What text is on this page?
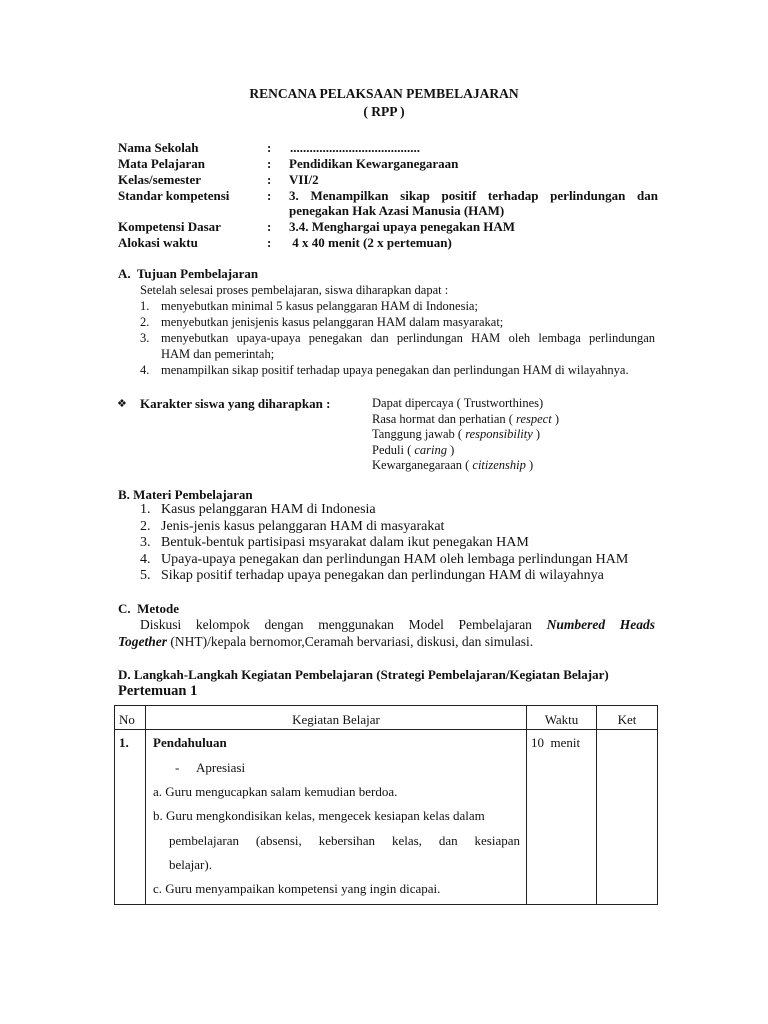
RENCANA PELAKSAAN PEMBELAJARAN
( RPP )
Nama Sekolah	: ........................................
Mata Pelajaran	: Pendidikan Kewarganegaraan
Kelas/semester	: VII/2
Standar kompetensi	: 3. Menampilkan sikap positif terhadap perlindungan dan
penegakan Hak Azasi Manusia (HAM)
Kompetensi Dasar	: 3.4. Menghargai upaya penegakan HAM
Alokasi waktu	: 4 x 40 menit (2 x pertemuan)
A.  Tujuan Pembelajaran
Setelah selesai proses pembelajaran, siswa diharapkan dapat :
1. menyebutkan minimal 5 kasus pelanggaran HAM di Indonesia;
2. menyebutkan jenisjenis kasus pelanggaran HAM dalam masyarakat;
3. menyebutkan upaya-upaya penegakan dan perlindungan HAM oleh lembaga perlindungan
HAM dan pemerintah;
4. menampilkan sikap positif terhadap upaya penegakan dan perlindungan HAM di wilayahnya.
❖ Karakter siswa yang diharapkan :	Dapat dipercaya ( Trustworthines)
Rasa hormat dan perhatian ( respect )
Tanggung jawab ( responsibility )
Peduli ( caring )
Kewarganegaraan ( citizenship )
B. Materi Pembelajaran
1. Kasus pelanggaran HAM di Indonesia
2. Jenis-jenis kasus pelanggaran HAM di masyarakat
3. Bentuk-bentuk partisipasi msyarakat dalam ikut penegakan HAM
4. Upaya-upaya penegakan dan perlindungan HAM oleh lembaga perlindungan HAM
5. Sikap positif terhadap upaya penegakan dan perlindungan HAM di wilayahnya
C.  Metode
Diskusi kelompok dengan menggunakan Model Pembelajaran Numbered Heads
Together (NHT)/kepala bernomor,Ceramah bervariasi, diskusi, dan simulasi.
D. Langkah-Langkah Kegiatan Pembelajaran (Strategi Pembelajaran/Kegiatan Belajar)
Pertemuan 1
No	Kegiatan Belajar	Waktu	Ket
1. Pendahuluan	10  menit
- Apresiasi
a. Guru mengucapkan salam kemudian berdoa.
b. Guru mengkondisikan kelas, mengecek kesiapan kelas dalam
pembelajaran (absensi, kebersihan kelas, dan kesiapan
belajar).
c. Guru menyampaikan kompetensi yang ingin dicapai.
